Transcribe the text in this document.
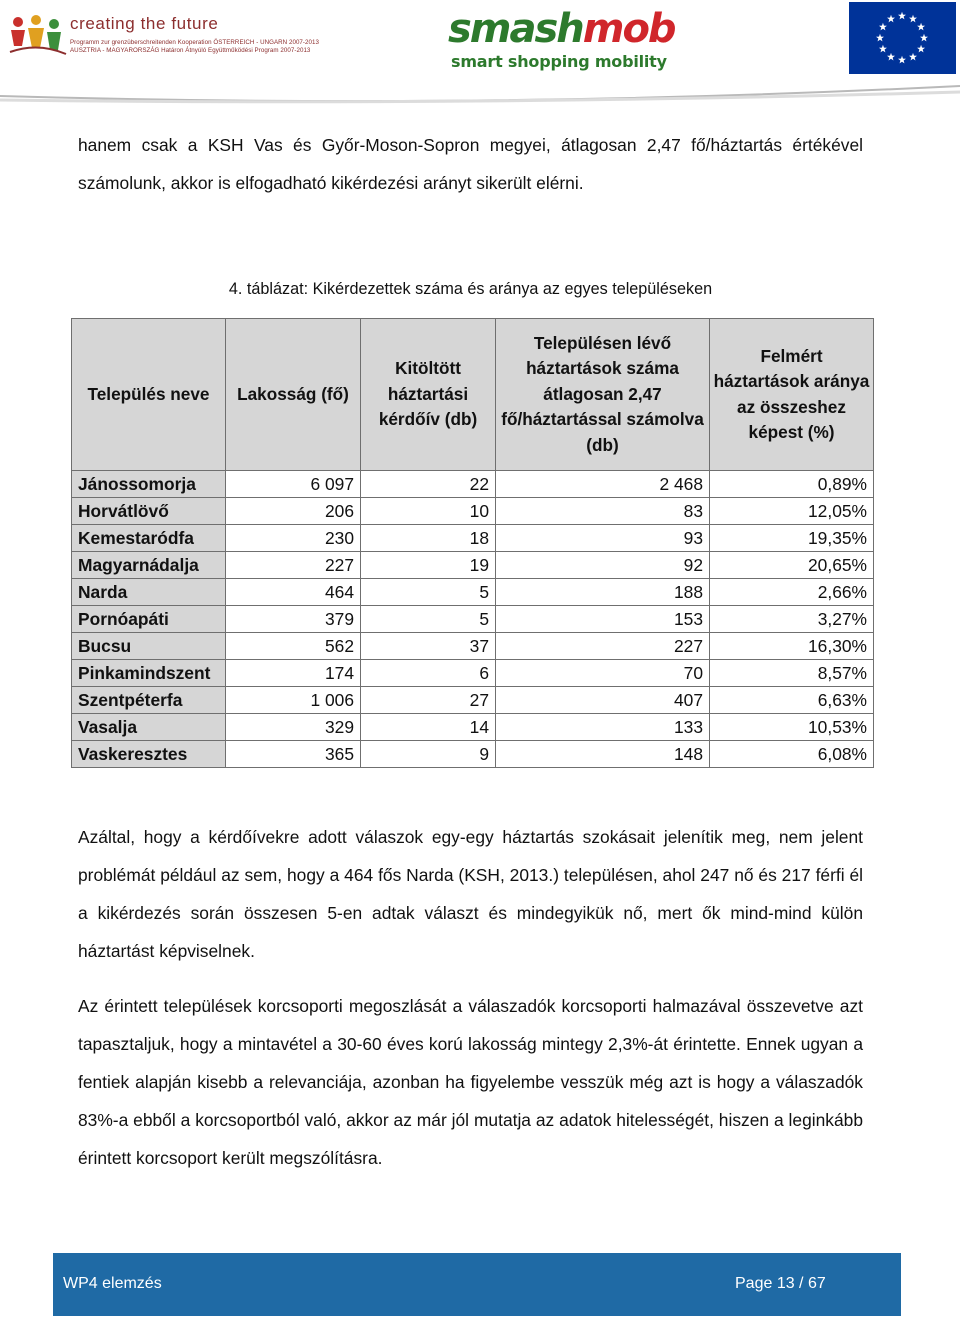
creating the future
Programm zur grenzüberschreitenden Kooperation ÖSTERREICH - UNGARN 2007-2013
AUSZTRIA - MAGYARORSZÁG Határon Átnyúló Együttműködési Program 2007-2013	smashmob
smart shopping mobility

hanem csak a KSH Vas és Győr-Moson-Sopron megyei, átlagosan 2,47 fő/háztartás értékével számolunk, akkor is elfogadható kikérdezési arányt sikerült elérni.

4. táblázat: Kikérdezettek száma és aránya az egyes településeken
Település neve	Lakosság (fő)	Kitöltött háztartási kérdőív (db)	Településen lévő háztartások száma átlagosan 2,47 fő/háztartással számolva (db)	Felmért háztartások aránya az összeshez képest (%)
Jánossomorja	6 097	22	2 468	0,89%
Horvátlövő	206	10	83	12,05%
Kemestaródfa	230	18	93	19,35%
Magyarnádalja	227	19	92	20,65%
Narda	464	5	188	2,66%
Pornóapáti	379	5	153	3,27%
Bucsu	562	37	227	16,30%
Pinkamindszent	174	6	70	8,57%
Szentpéterfa	1 006	27	407	6,63%
Vasalja	329	14	133	10,53%
Vaskeresztes	365	9	148	6,08%

Azáltal, hogy a kérdőívekre adott válaszok egy-egy háztartás szokásait jelenítik meg, nem jelent problémát például az sem, hogy a 464 fős Narda (KSH, 2013.) településen, ahol 247 nő és 217 férfi él a kikérdezés során összesen 5-en adtak választ és mindegyikük nő, mert ők mind-mind külön háztartást képviselnek.

Az érintett települések korcsoporti megoszlását a válaszadók korcsoporti halmazával összevetve azt tapasztaljuk, hogy a mintavétel a 30-60 éves korú lakosság mintegy 2,3%-át érintette. Ennek ugyan a fentiek alapján kisebb a relevanciája, azonban ha figyelembe vesszük még azt is hogy a válaszadók 83%-a ebből a korcsoportból való, akkor az már jól mutatja az adatok hitelességét, hiszen a leginkább érintett korcsoport került megszólításra.

WP4 elemzés	Page 13 / 67
